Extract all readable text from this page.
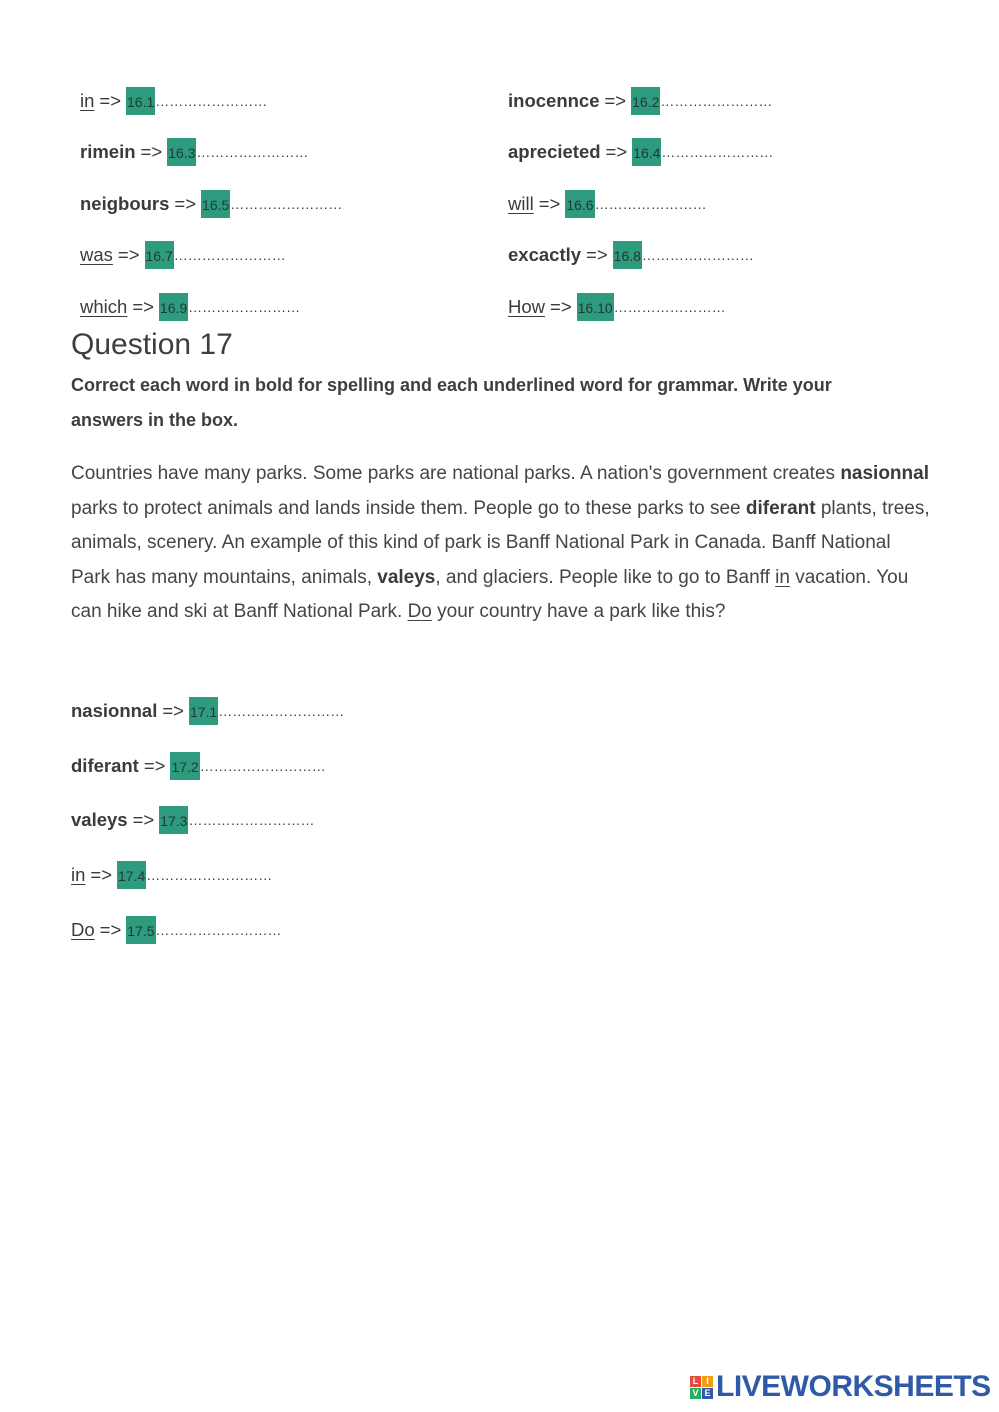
in => 16.1 ……………………	inocennce => 16.2 ……………………
rimein => 16.3 ……………………	aprecieted => 16.4 ……………………
neigbours => 16.5 ……………………	will => 16.6 ……………………
was => 16.7 ……………………	excactly => 16.8 ……………………
which => 16.9 ……………………	How => 16.10 ……………………
Question 17
Correct each word in bold for spelling and each underlined word for grammar. Write your answers in the box.
Countries have many parks. Some parks are national parks. A nation's government creates nasionnal parks to protect animals and lands inside them. People go to these parks to see diferant plants, trees, animals, scenery. An example of this kind of park is Banff National Park in Canada. Banff National Park has many mountains, animals, valeys, and glaciers. People like to go to Banff in vacation. You can hike and ski at Banff National Park. Do your country have a park like this?
nasionnal => 17.1 ………………………
diferant => 17.2 ………………………
valeys => 17.3 ………………………
in => 17.4 ………………………
Do => 17.5 ………………………
L I
V E LIVEWORKSHEETS
